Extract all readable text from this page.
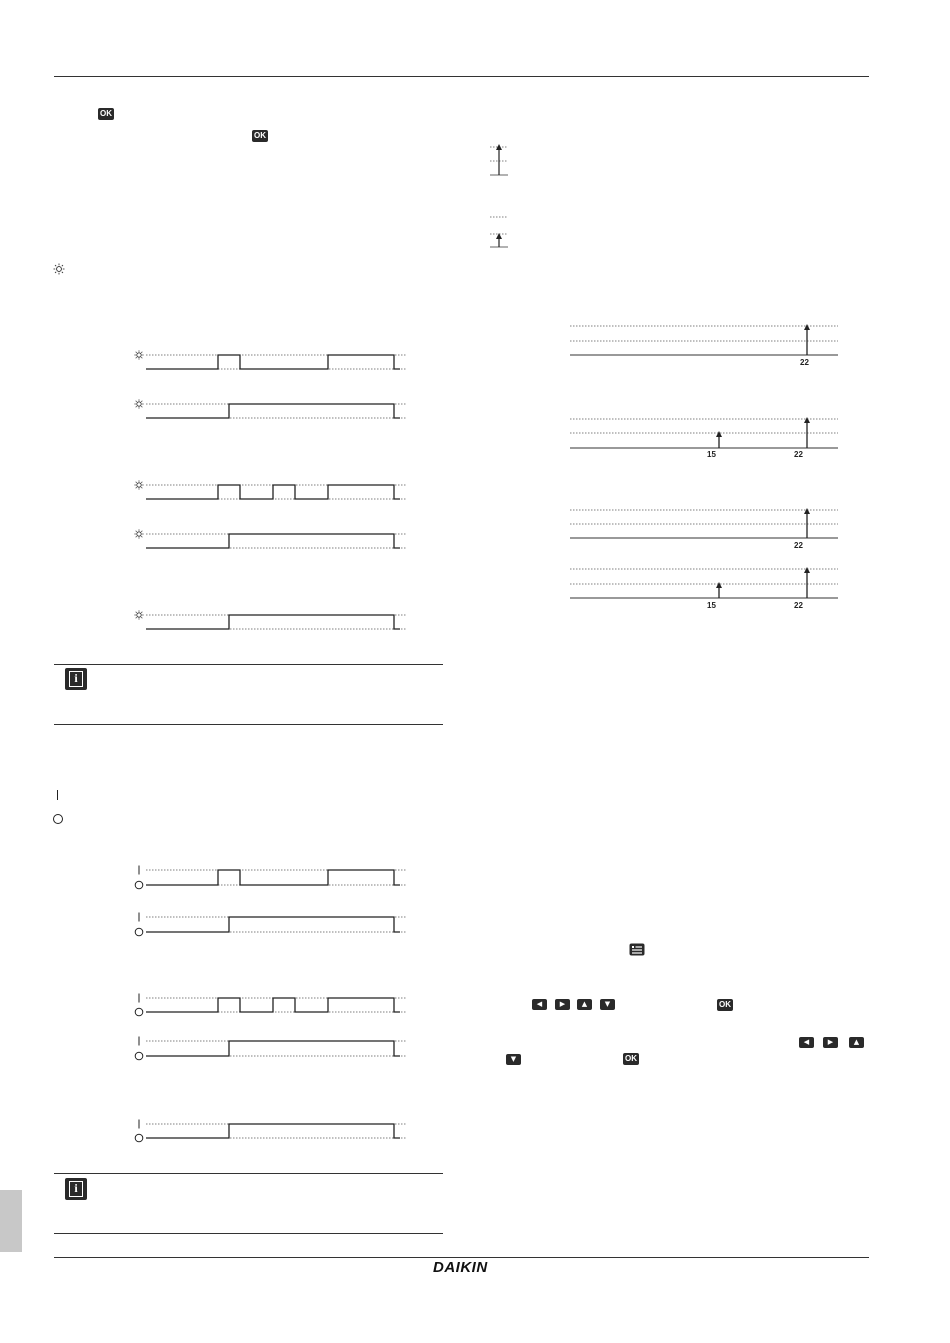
DAIKIN
OK
OK
i
i
22
15	22
22
15	22
◀	▶	▲	▼	OK
◀	▶	▲
▼	OK
